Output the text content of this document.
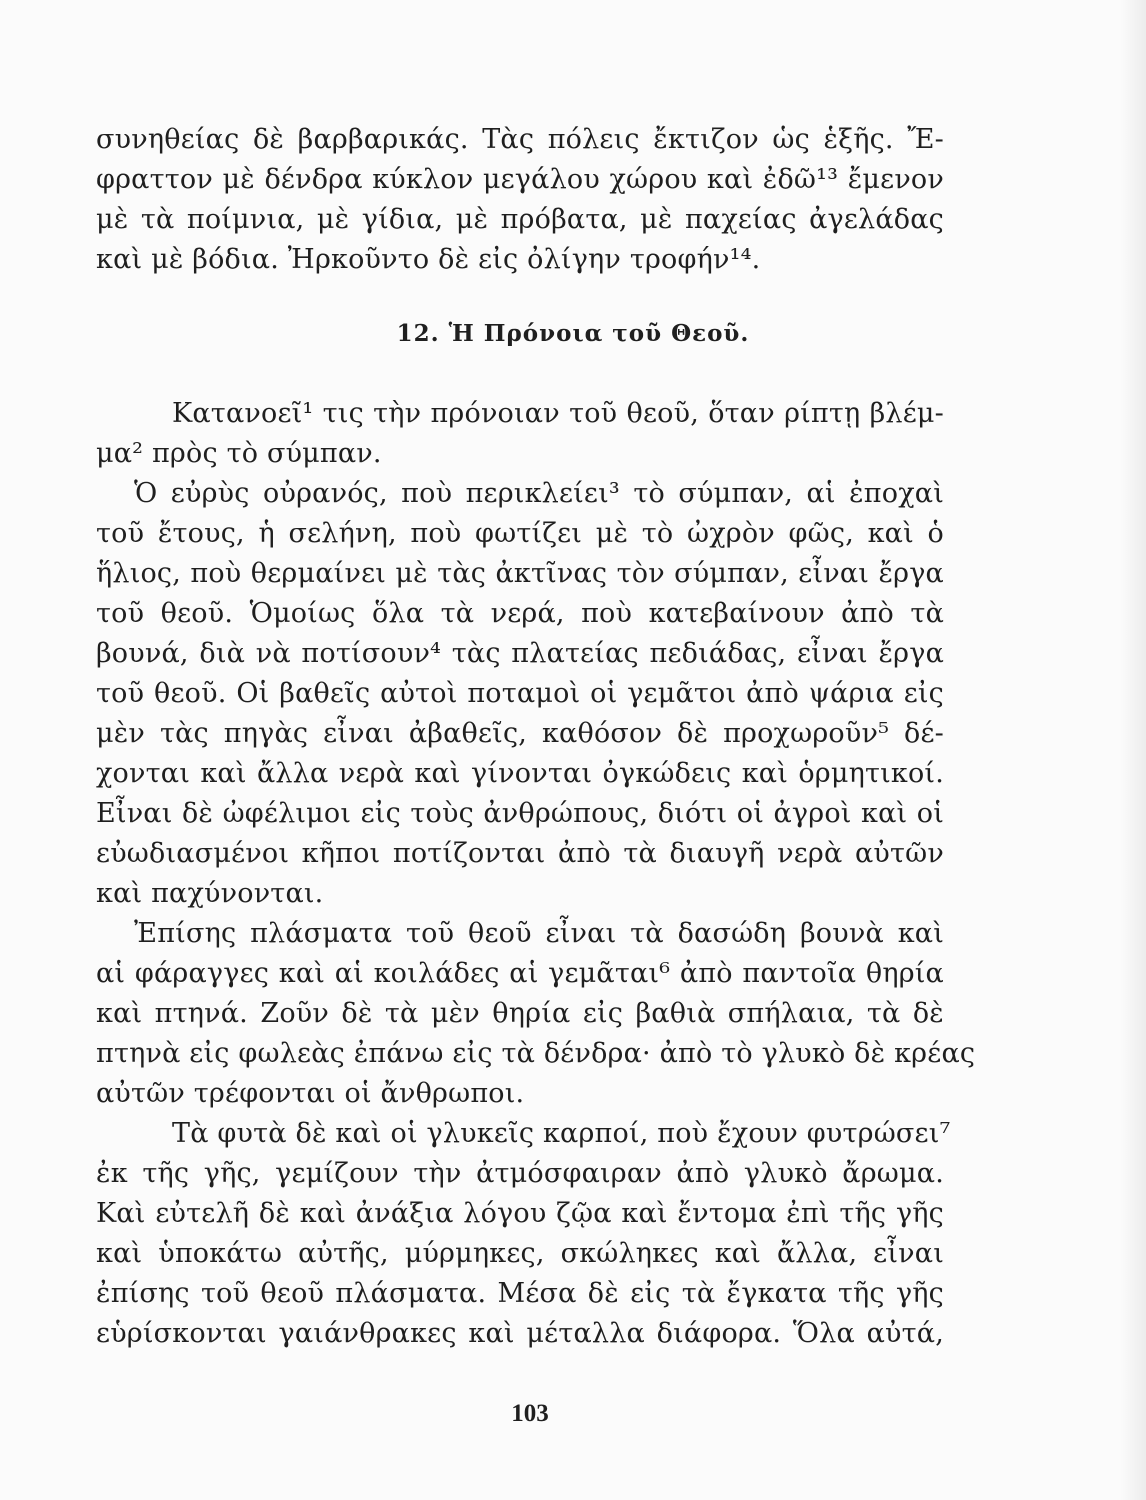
συνηθείας δὲ βαρβαρικάς. Τὰς πόλεις ἔκτιζον ὡς ἑξῆς. Ἔ-
φραττον μὲ δένδρα κύκλον μεγάλου χώρου καὶ ἐδῶ¹³ ἔμενον
μὲ τὰ ποίμνια, μὲ γίδια, μὲ πρόβατα, μὲ παχείας ἀγελάδας
καὶ μὲ βόδια. Ἠρκοῦντο δὲ εἰς ὀλίγην τροφήν¹⁴.
12. Ἡ Πρόνοια τοῦ Θεοῦ.
Κατανοεῖ¹ τις τὴν πρόνοιαν τοῦ θεοῦ, ὅταν ρίπτῃ βλέμ-
μα² πρὸς τὸ σύμπαν.
Ὁ εὐρὺς οὐρανός, ποὺ περικλείει³ τὸ σύμπαν, αἱ ἐποχαὶ
τοῦ ἔτους, ἡ σελήνη, ποὺ φωτίζει μὲ τὸ ὠχρὸν φῶς, καὶ ὁ
ἥλιος, ποὺ θερμαίνει μὲ τὰς ἀκτῖνας τὸν σύμπαν, εἶναι ἔργα
τοῦ θεοῦ. Ὁμοίως ὅλα τὰ νερά, ποὺ κατεβαίνουν ἀπὸ τὰ
βουνά, διὰ νὰ ποτίσουν⁴ τὰς πλατείας πεδιάδας, εἶναι ἔργα
τοῦ θεοῦ. Οἱ βαθεῖς αὐτοὶ ποταμοὶ οἱ γεμᾶτοι ἀπὸ ψάρια εἰς
μὲν τὰς πηγὰς εἶναι ἀβαθεῖς, καθόσον δὲ προχωροῦν⁵ δέ-
χονται καὶ ἄλλα νερὰ καὶ γίνονται ὀγκώδεις καὶ ὁρμητικοί.
Εἶναι δὲ ὠφέλιμοι εἰς τοὺς ἀνθρώπους, διότι οἱ ἀγροὶ καὶ οἱ
εὐωδιασμένοι κῆποι ποτίζονται ἀπὸ τὰ διαυγῆ νερὰ αὐτῶν
καὶ παχύνονται.
Ἐπίσης πλάσματα τοῦ θεοῦ εἶναι τὰ δασώδη βουνὰ καὶ
αἱ φάραγγες καὶ αἱ κοιλάδες αἱ γεμᾶται⁶ ἀπὸ παντοῖα θηρία
καὶ πτηνά. Ζοῦν δὲ τὰ μὲν θηρία εἰς βαθιὰ σπήλαια, τὰ δὲ
πτηνὰ εἰς φωλεὰς ἐπάνω εἰς τὰ δένδρα· ἀπὸ τὸ γλυκὸ δὲ κρέας
αὐτῶν τρέφονται οἱ ἄνθρωποι.
Τὰ φυτὰ δὲ καὶ οἱ γλυκεῖς καρποί, ποὺ ἔχουν φυτρώσει⁷
ἐκ τῆς γῆς, γεμίζουν τὴν ἀτμόσφαιραν ἀπὸ γλυκὸ ἄρωμα.
Καὶ εὐτελῆ δὲ καὶ ἀνάξια λόγου ζῷα καὶ ἔντομα ἐπὶ τῆς γῆς
καὶ ὑποκάτω αὐτῆς, μύρμηκες, σκώληκες καὶ ἄλλα, εἶναι
ἐπίσης τοῦ θεοῦ πλάσματα. Μέσα δὲ εἰς τὰ ἔγκατα τῆς γῆς
εὑρίσκονται γαιάνθρακες καὶ μέταλλα διάφορα. Ὅλα αὐτά,
103
